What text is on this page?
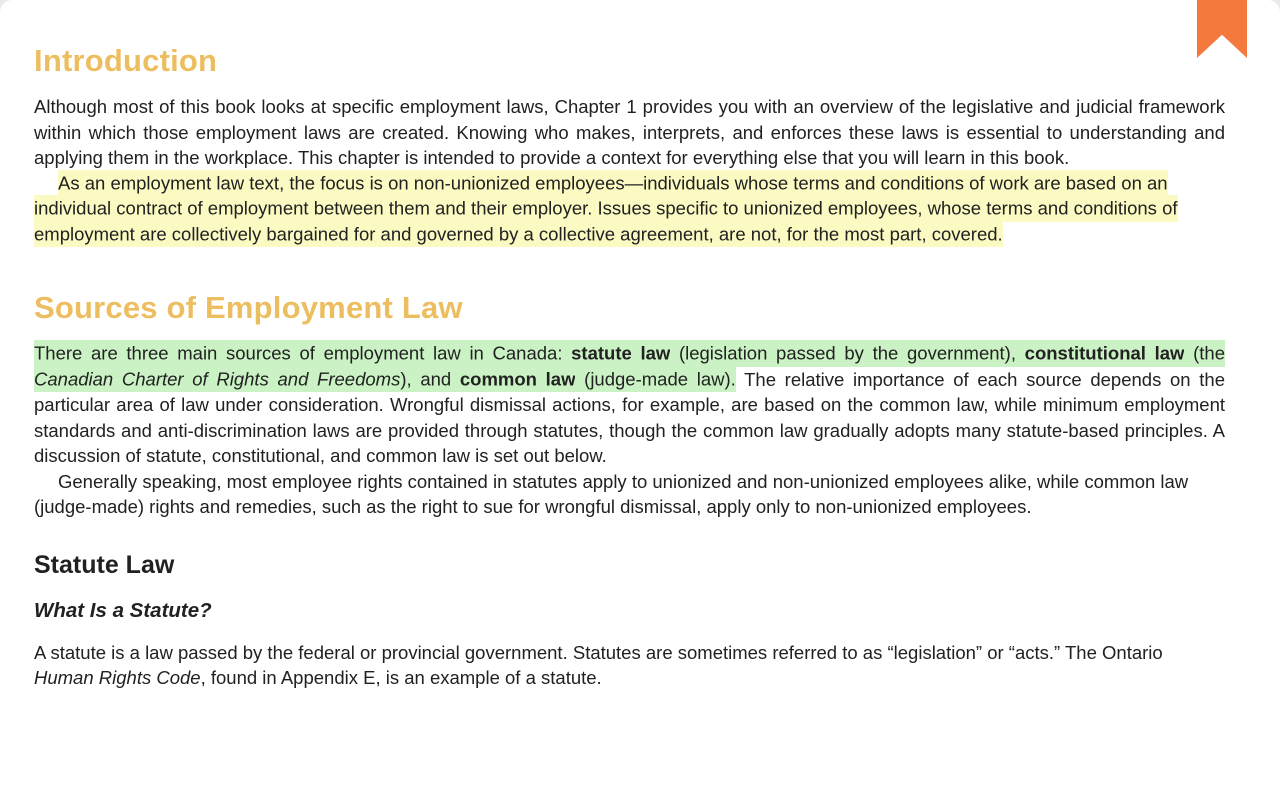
Introduction

Although most of this book looks at specific employment laws, Chapter 1 provides you with an overview of the legislative and judicial framework within which those employment laws are created. Knowing who makes, interprets, and enforces these laws is essential to understanding and applying them in the workplace. This chapter is intended to provide a context for everything else that you will learn in this book.

As an employment law text, the focus is on non-unionized employees—individuals whose terms and conditions of work are based on an individual contract of employment between them and their employer. Issues specific to unionized employees, whose terms and conditions of employment are collectively bargained for and governed by a collective agreement, are not, for the most part, covered.

Sources of Employment Law

There are three main sources of employment law in Canada: statute law (legislation passed by the government), constitutional law (the Canadian Charter of Rights and Freedoms), and common law (judge-made law). The relative importance of each source depends on the particular area of law under consideration. Wrongful dismissal actions, for example, are based on the common law, while minimum employment standards and anti-discrimination laws are provided through statutes, though the common law gradually adopts many statute-based principles. A discussion of statute, constitutional, and common law is set out below.

Generally speaking, most employee rights contained in statutes apply to unionized and non-unionized employees alike, while common law (judge-made) rights and remedies, such as the right to sue for wrongful dismissal, apply only to non-unionized employees.

Statute Law
What Is a Statute?

A statute is a law passed by the federal or provincial government. Statutes are sometimes referred to as “legislation” or “acts.” The Ontario Human Rights Code, found in Appendix E, is an example of a statute.
